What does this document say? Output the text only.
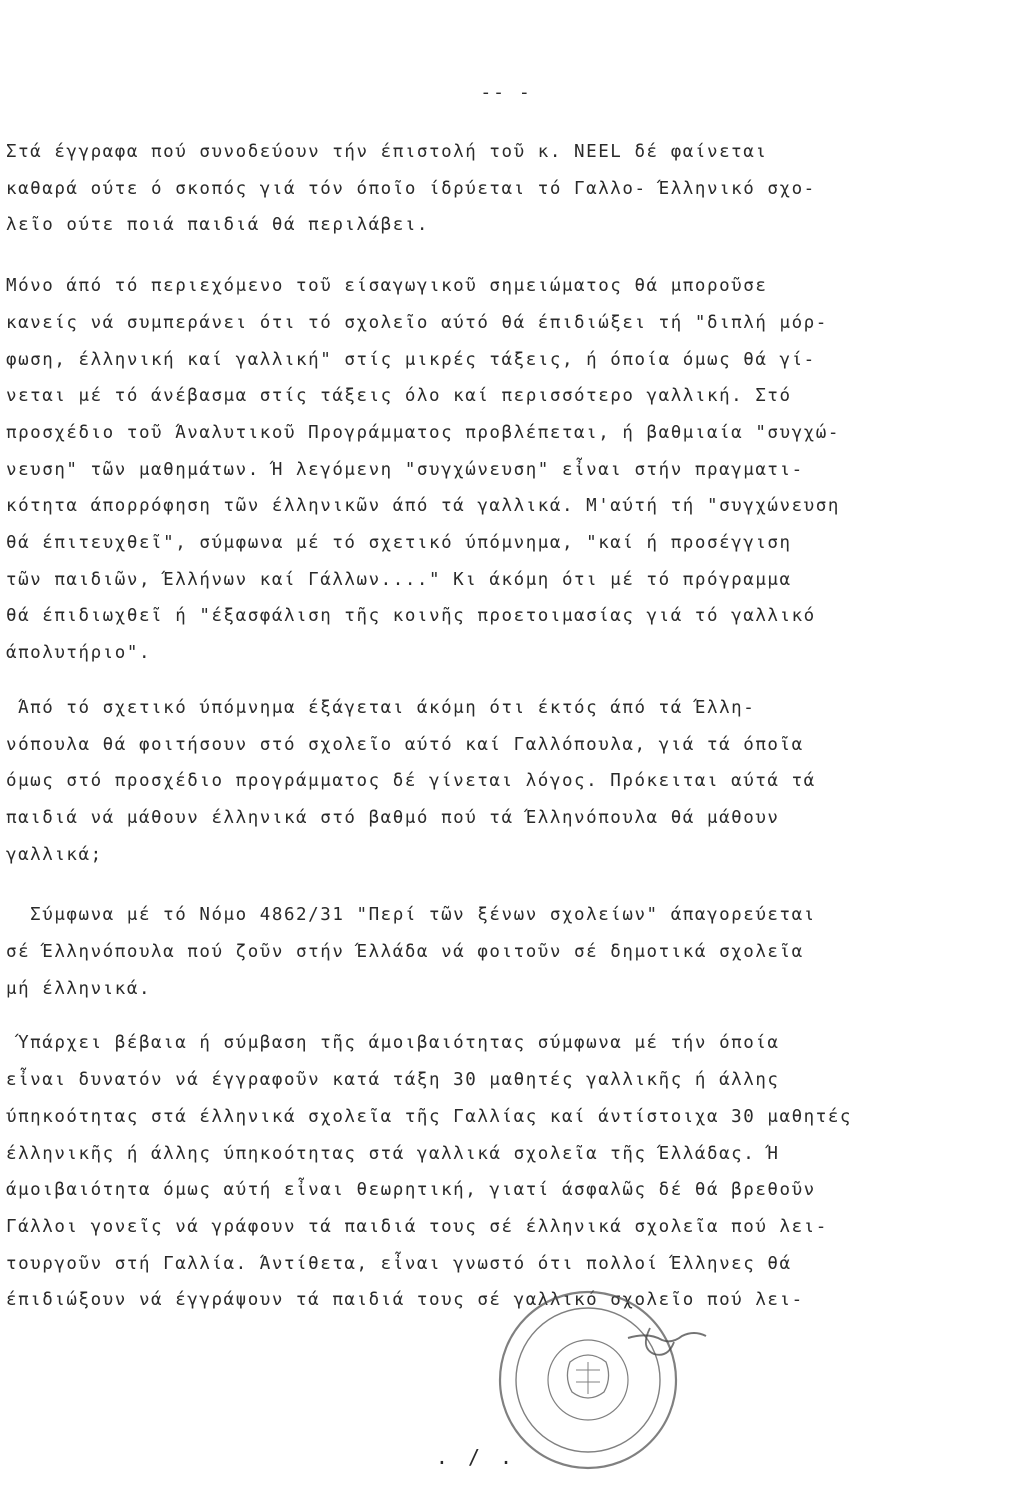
-- -
Στά έγγραφα πού συνοδεύουν τήν έπιστολή τοῦ κ. NEEL δέ φαίνεται
καθαρά ούτε ό σκοπός γιά τόν όποῖο ίδρύεται τό Γαλλο- Έλληνικό σχο-
λεῖο ούτε ποιά παιδιά θά περιλάβει.
Μόνο άπό τό περιεχόμενο τοῦ είσαγωγικοῦ σημειώματος θά μποροῦσε
κανείς νά συμπεράνει ότι τό σχολεῖο αύτό θά έπιδιώξει τή "διπλή μόρ-
φωση, έλληνική καί γαλλική" στίς μικρές τάξεις, ή όποία όμως θά γί-
νεται μέ τό άνέβασμα στίς τάξεις όλο καί περισσότερο γαλλική. Στό
προσχέδιο τοῦ Άναλυτικοῦ Προγράμματος προβλέπεται, ή βαθμιαία "συγχώ-
νευση" τῶν μαθημάτων. Ή λεγόμενη "συγχώνευση" εἶναι στήν πραγματι-
κότητα άπορρόφηση τῶν έλληνικῶν άπό τά γαλλικά. Μ'αύτή τή "συγχώνευση
θά έπιτευχθεῖ", σύμφωνα μέ τό σχετικό ύπόμνημα, "καί ή προσέγγιση
τῶν παιδιῶν, Έλλήνων καί Γάλλων...." Κι άκόμη ότι μέ τό πρόγραμμα
θά έπιδιωχθεῖ ή "έξασφάλιση τῆς κοινῆς προετοιμασίας γιά τό γαλλικό
άπολυτήριο".
Άπό τό σχετικό ύπόμνημα έξάγεται άκόμη ότι έκτός άπό τά Έλλη-
νόπουλα θά φοιτήσουν στό σχολεῖο αύτό καί Γαλλόπουλα, γιά τά όποῖα
όμως στό προσχέδιο προγράμματος δέ γίνεται λόγος. Πρόκειται αύτά τά
παιδιά νά μάθουν έλληνικά στό βαθμό πού τά Έλληνόπουλα θά μάθουν
γαλλικά;
Σύμφωνα μέ τό Νόμο 4862/31 "Περί τῶν ξένων σχολείων" άπαγορεύεται
σέ Έλληνόπουλα πού ζοῦν στήν Έλλάδα νά φοιτοῦν σέ δημοτικά σχολεῖα
μή έλληνικά.
Ύπάρχει βέβαια ή σύμβαση τῆς άμοιβαιότητας σύμφωνα μέ τήν όποία
εἶναι δυνατόν νά έγγραφοῦν κατά τάξη 30 μαθητές γαλλικῆς ή άλλης
ύπηκοότητας στά έλληνικά σχολεῖα τῆς Γαλλίας καί άντίστοιχα 30 μαθητές
έλληνικῆς ή άλλης ύπηκοότητας στά γαλλικά σχολεῖα τῆς Έλλάδας. Ή
άμοιβαιότητα όμως αύτή εἶναι θεωρητική, γιατί άσφαλῶς δέ θά βρεθοῦν
Γάλλοι γονεῖς νά γράφουν τά παιδιά τους σέ έλληνικά σχολεῖα πού λει-
τουργοῦν στή Γαλλία. Άντίθετα, εἶναι γνωστό ότι πολλοί Έλληνες θά
έπιδιώξουν νά έγγράψουν τά παιδιά τους σέ γαλλικό σχολεῖο πού λει-
. / .
